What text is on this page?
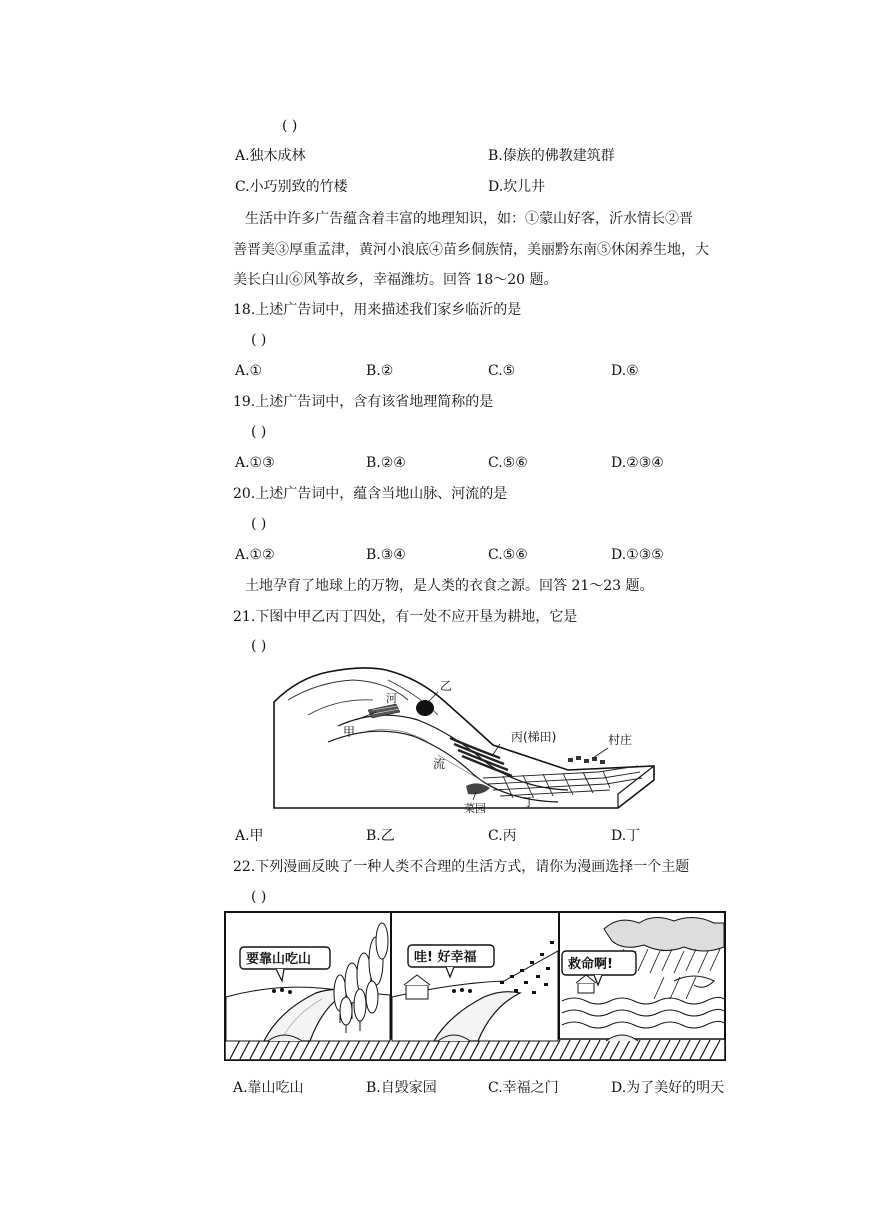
( )
A.独木成林	B.傣族的佛教建筑群
C.小巧别致的竹楼	D.坎儿井
生活中许多广告蕴含着丰富的地理知识，如：①蒙山好客，沂水情长②晋
善晋美③厚重孟津，黄河小浪底④苗乡侗族情，美丽黔东南⑤休闲养生地，大
美长白山⑥风筝故乡，幸福潍坊。回答 18～20 题。
18.上述广告词中，用来描述我们家乡临沂的是
( )
A.①	B.②	C.⑤	D.⑥
19.上述广告词中，含有该省地理简称的是
( )
A.①③	B.②④	C.⑤⑥	D.②③④
20.上述广告词中，蕴含当地山脉、河流的是
( )
A.①②	B.③④	C.⑤⑥	D.①③⑤
土地孕育了地球上的万物，是人类的衣食之源。回答 21～23 题。
21.下图中甲乙丙丁四处，有一处不应开垦为耕地，它是
( )
乙
河
甲	丙(梯田)	村庄
流
菜园	丁
A.甲	B.乙	C.丙	D.丁
22.下列漫画反映了一种人类不合理的生活方式，请你为漫画选择一个主题
( )
要靠山吃山	哇! 好幸福	救命啊!
A.靠山吃山	B.自毁家园	C.幸福之门	D.为了美好的明天
